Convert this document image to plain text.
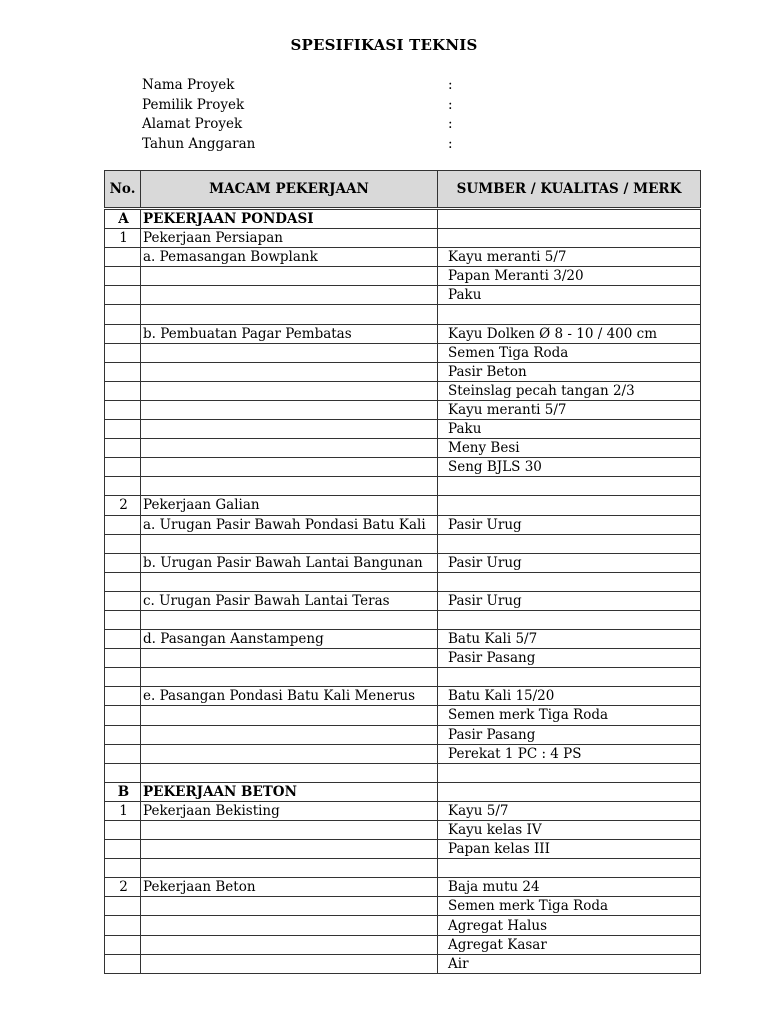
SPESIFIKASI TEKNIS
Nama Proyek	:
Pemilik Proyek	:
Alamat Proyek	:
Tahun Anggaran	:
No.	MACAM PEKERJAAN	SUMBER / KUALITAS / MERK
A	PEKERJAAN PONDASI	
1	Pekerjaan Persiapan	
	a. Pemasangan Bowplank	Kayu meranti 5/7
		Papan Meranti 3/20
		Paku

	b. Pembuatan Pagar Pembatas	Kayu Dolken Ø 8 - 10 / 400 cm
		Semen Tiga Roda
		Pasir Beton
		Steinslag pecah tangan 2/3
		Kayu meranti 5/7
		Paku
		Meny Besi
		Seng BJLS 30

2	Pekerjaan Galian	
	a. Urugan Pasir Bawah Pondasi Batu Kali	Pasir Urug

	b. Urugan Pasir Bawah Lantai Bangunan	Pasir Urug

	c. Urugan Pasir Bawah Lantai Teras	Pasir Urug

	d. Pasangan Aanstampeng	Batu Kali 5/7
		Pasir Pasang

	e. Pasangan Pondasi Batu Kali Menerus	Batu Kali 15/20
		Semen merk Tiga Roda
		Pasir Pasang
		Perekat 1 PC : 4 PS

B	PEKERJAAN BETON	
1	Pekerjaan Bekisting	Kayu 5/7
		Kayu kelas IV
		Papan kelas III

2	Pekerjaan Beton	Baja mutu 24
		Semen merk Tiga Roda
		Agregat Halus
		Agregat Kasar
		Air
